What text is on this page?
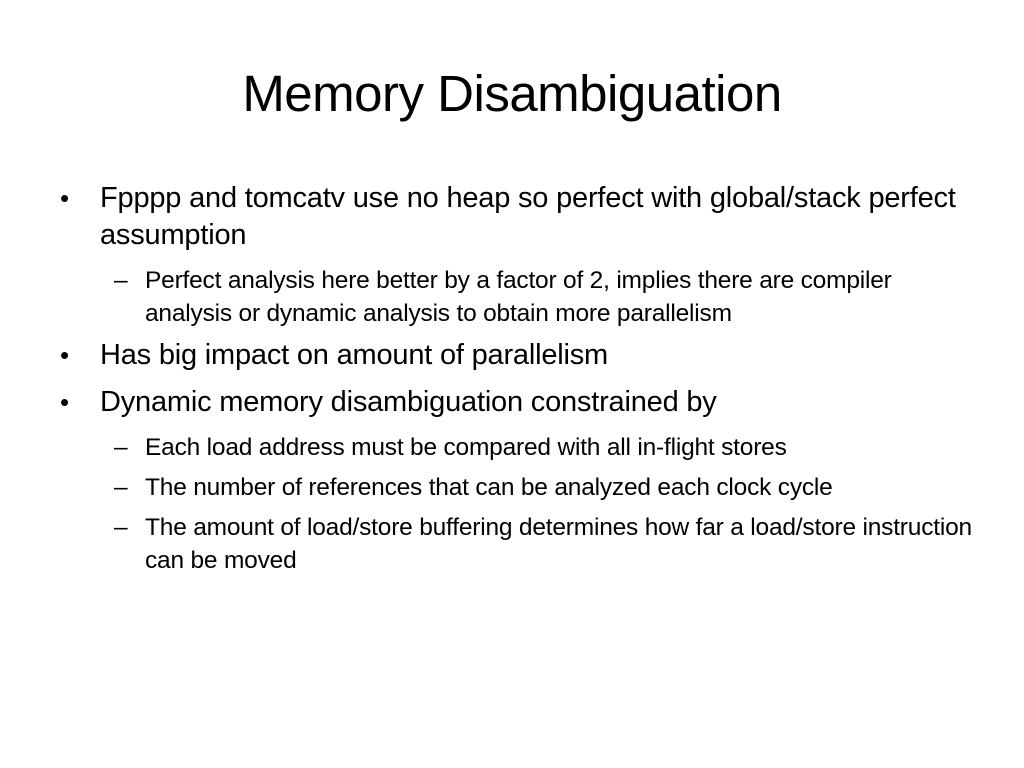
Memory Disambiguation
•	Fpppp and tomcatv use no heap so perfect with global/stack perfect assumption
– Perfect analysis here better by a factor of 2, implies there are compiler analysis or dynamic analysis to obtain more parallelism
•	Has big impact on amount of parallelism
•	Dynamic memory disambiguation constrained by
– Each load address must be compared with all in-flight stores
– The number of references that can be analyzed each clock cycle
– The amount of load/store buffering determines how far a load/store instruction can be moved
